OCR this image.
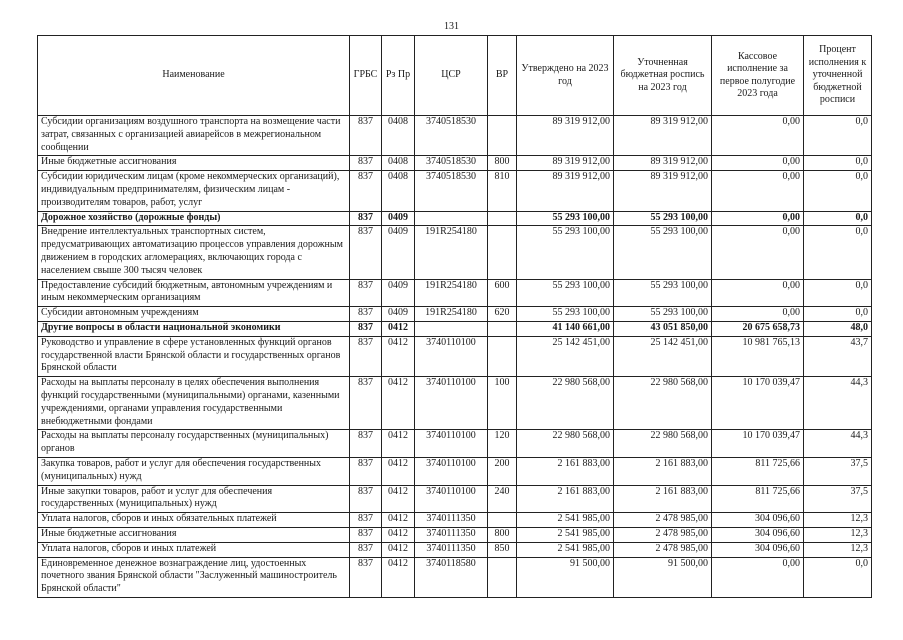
131
Наименование	ГРБС	Рз Пр	ЦСР	ВР	Утверждено на 2023 год	Уточненная бюджетная роспись на 2023 год	Кассовое исполнение за первое полугодие 2023 года	Процент исполнения к уточненной бюджетной росписи
Субсидии организациям воздушного транспорта на возмещение части затрат, связанных с организацией авиарейсов в межрегиональном сообщении	837	0408	3740518530		89 319 912,00	89 319 912,00	0,00	0,0
Иные бюджетные ассигнования	837	0408	3740518530	800	89 319 912,00	89 319 912,00	0,00	0,0
Субсидии юридическим лицам (кроме некоммерческих организаций), индивидуальным предпринимателям, физическим лицам - производителям товаров, работ, услуг	837	0408	3740518530	810	89 319 912,00	89 319 912,00	0,00	0,0
Дорожное хозяйство (дорожные фонды)	837	0409			55 293 100,00	55 293 100,00	0,00	0,0
Внедрение интеллектуальных транспортных систем, предусматривающих автоматизацию процессов управления дорожным движением в городских агломерациях, включающих города с населением свыше 300 тысяч человек	837	0409	191R254180		55 293 100,00	55 293 100,00	0,00	0,0
Предоставление субсидий бюджетным, автономным учреждениям и иным некоммерческим организациям	837	0409	191R254180	600	55 293 100,00	55 293 100,00	0,00	0,0
Субсидии автономным учреждениям	837	0409	191R254180	620	55 293 100,00	55 293 100,00	0,00	0,0
Другие вопросы в области национальной экономики	837	0412			41 140 661,00	43 051 850,00	20 675 658,73	48,0
Руководство и управление в сфере установленных функций органов государственной власти Брянской области и государственных органов Брянской области	837	0412	3740110100		25 142 451,00	25 142 451,00	10 981 765,13	43,7
Расходы на выплаты персоналу в целях обеспечения выполнения функций государственными (муниципальными) органами, казенными учреждениями, органами управления государственными внебюджетными фондами	837	0412	3740110100	100	22 980 568,00	22 980 568,00	10 170 039,47	44,3
Расходы на выплаты персоналу государственных (муниципальных) органов	837	0412	3740110100	120	22 980 568,00	22 980 568,00	10 170 039,47	44,3
Закупка товаров, работ и услуг для обеспечения государственных (муниципальных) нужд	837	0412	3740110100	200	2 161 883,00	2 161 883,00	811 725,66	37,5
Иные закупки товаров, работ и услуг для обеспечения государственных (муниципальных) нужд	837	0412	3740110100	240	2 161 883,00	2 161 883,00	811 725,66	37,5
Уплата налогов, сборов и иных обязательных платежей	837	0412	3740111350		2 541 985,00	2 478 985,00	304 096,60	12,3
Иные бюджетные ассигнования	837	0412	3740111350	800	2 541 985,00	2 478 985,00	304 096,60	12,3
Уплата налогов, сборов и иных платежей	837	0412	3740111350	850	2 541 985,00	2 478 985,00	304 096,60	12,3
Единовременное денежное вознаграждение лиц, удостоенных почетного звания Брянской области "Заслуженный машиностроитель Брянской области"	837	0412	3740118580		91 500,00	91 500,00	0,00	0,0
